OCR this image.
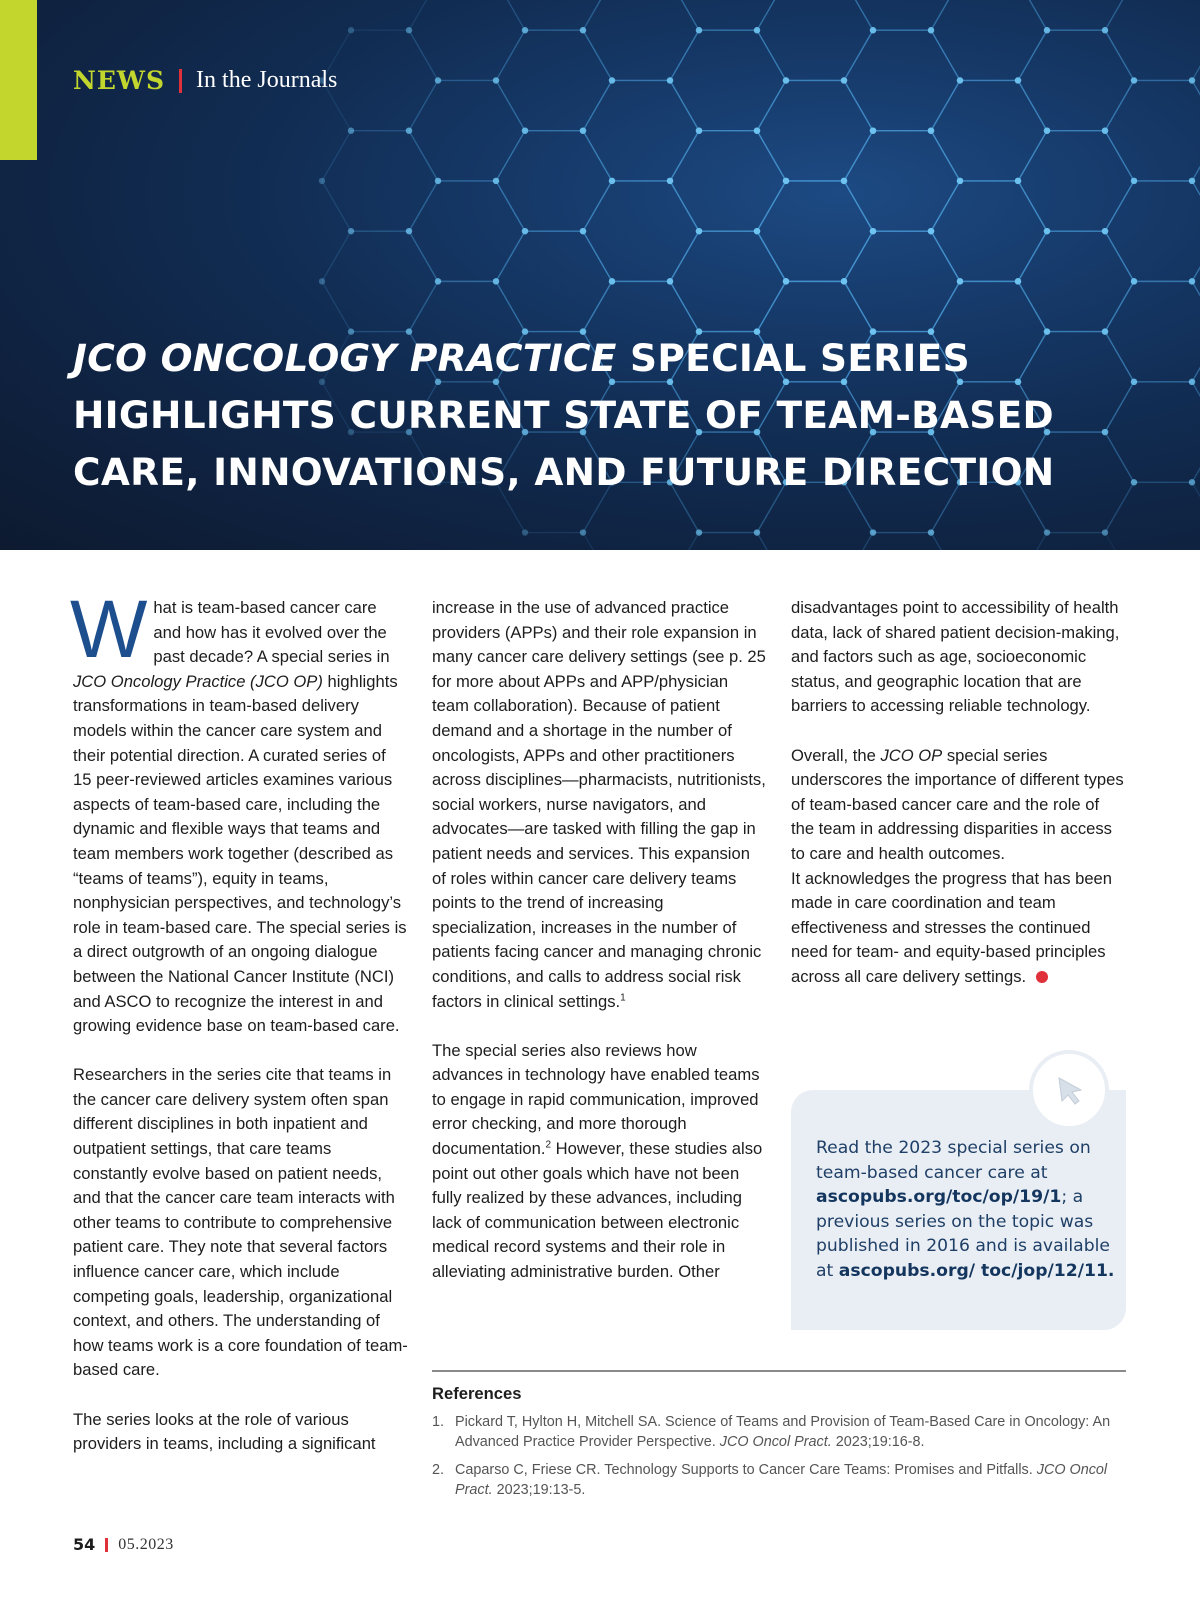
NEWS In the Journals
JCO ONCOLOGY PRACTICE SPECIAL SERIES
HIGHLIGHTS CURRENT STATE OF TEAM-BASED
CARE, INNOVATIONS, AND FUTURE DIRECTION

What is team-based cancer care and how has it evolved over the past decade? A special series in JCO Oncology Practice (JCO OP) highlights transformations in team-based delivery models within the cancer care system and their potential direction. A curated series of 15 peer-reviewed articles examines various aspects of team-based care, including the dynamic and flexible ways that teams and team members work together (described as “teams of teams”), equity in teams, nonphysician perspectives, and technology’s role in team-based care. The special series is a direct outgrowth of an ongoing dialogue between the National Cancer Institute (NCI) and ASCO to recognize the interest in and growing evidence base on team-based care.

Researchers in the series cite that teams in the cancer care delivery system often span different disciplines in both inpatient and outpatient settings, that care teams constantly evolve based on patient needs, and that the cancer care team interacts with other teams to contribute to comprehensive patient care. They note that several factors influence cancer care, which include competing goals, leadership, organizational context, and others. The understanding of how teams work is a core foundation of team-based care.

The series looks at the role of various providers in teams, including a significant

increase in the use of advanced practice providers (APPs) and their role expansion in many cancer care delivery settings (see p. 25 for more about APPs and APP/physician team collaboration). Because of patient demand and a shortage in the number of oncologists, APPs and other practitioners across disciplines—pharmacists, nutritionists, social workers, nurse navigators, and advocates—are tasked with filling the gap in patient needs and services. This expansion of roles within cancer care delivery teams points to the trend of increasing specialization, increases in the number of patients facing cancer and managing chronic conditions, and calls to address social risk factors in clinical settings.$^1$

The special series also reviews how advances in technology have enabled teams to engage in rapid communication, improved error checking, and more thorough documentation.$^2$ However, these studies also point out other goals which have not been fully realized by these advances, including lack of communication between electronic medical record systems and their role in alleviating administrative burden. Other

disadvantages point to accessibility of health data, lack of shared patient decision-making, and factors such as age, socioeconomic status, and geographic location that are barriers to accessing reliable technology.

Overall, the JCO OP special series underscores the importance of different types of team-based cancer care and the role of the team in addressing disparities in access to care and health outcomes.

It acknowledges the progress that has been made in care coordination and team effectiveness and stresses the continued need for team- and equity-based principles across all care delivery settings.

Read the 2023 special series on team-based cancer care at ascopubs.org/toc/op/19/1; a previous series on the topic was published in 2016 and is available at ascopubs.org/ toc/jop/12/11.
References
1. Pickard T, Hylton H, Mitchell SA. Science of Teams and Provision of Team-Based Care in Oncology: An Advanced Practice Provider Perspective. JCO Oncol Pract. 2023;19:16-8.
2. Caparso C, Friese CR. Technology Supports to Cancer Care Teams: Promises and Pitfalls. JCO Oncol Pract. 2023;19:13-5.
54 05.2023
